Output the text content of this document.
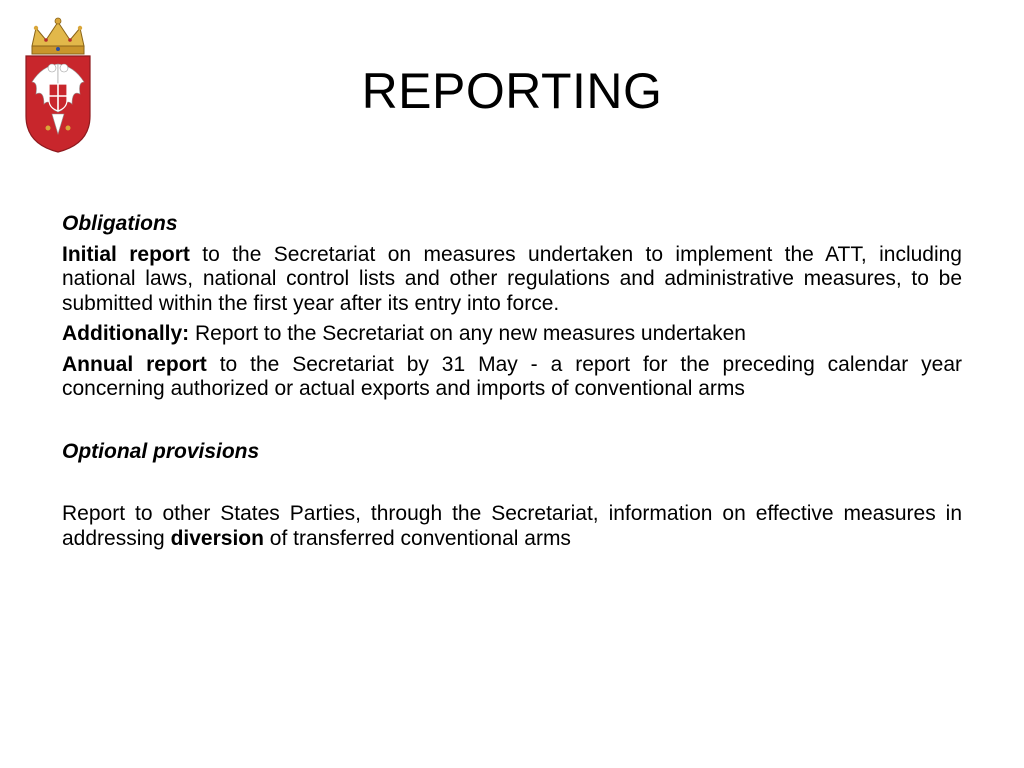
REPORTING

Obligations

Initial report to the Secretariat on measures undertaken to implement the ATT, including national laws, national control lists and other regulations and administrative measures, to be submitted within the first year after its entry into force.

Additionally: Report to the Secretariat on any new measures undertaken

Annual report to the Secretariat by 31 May - a report for the preceding calendar year concerning authorized or actual exports and imports of conventional arms

Optional provisions

Report to other States Parties, through the Secretariat, information on effective measures in addressing diversion of transferred conventional arms
